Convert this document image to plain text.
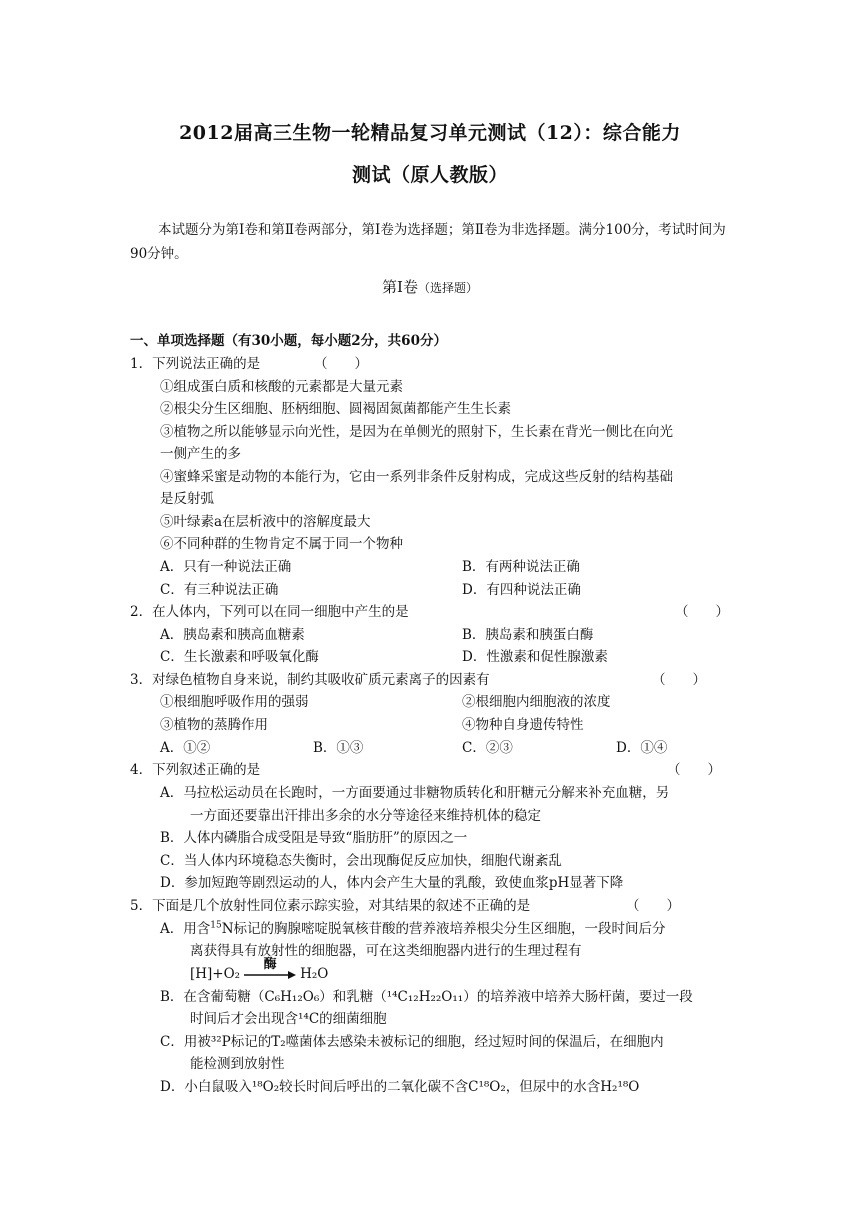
2012届高三生物一轮精品复习单元测试（12）：综合能力
测试（原人教版）
本试题分为第Ⅰ卷和第Ⅱ卷两部分，第Ⅰ卷为选择题；第Ⅱ卷为非选择题。满分100分，考试时间为90分钟。
第Ⅰ卷（选择题）
一、单项选择题（有30小题，每小题2分，共60分）
1．下列说法正确的是	（　　）
①组成蛋白质和核酸的元素都是大量元素
②根尖分生区细胞、胚柄细胞、圆褐固氮菌都能产生生长素
③植物之所以能够显示向光性，是因为在单侧光的照射下，生长素在背光一侧比在向光
一侧产生的多
④蜜蜂采蜜是动物的本能行为，它由一系列非条件反射构成，完成这些反射的结构基础
是反射弧
⑤叶绿素a在层析液中的溶解度最大
⑥不同种群的生物肯定不属于同一个物种
A．只有一种说法正确	B．有两种说法正确
C．有三种说法正确	D．有四种说法正确
2．在人体内，下列可以在同一细胞中产生的是	（　　）
A．胰岛素和胰高血糖素	B．胰岛素和胰蛋白酶
C．生长激素和呼吸氧化酶	D．性激素和促性腺激素
3．对绿色植物自身来说，制约其吸收矿质元素离子的因素有	（　　）
①根细胞呼吸作用的强弱	②根细胞内细胞液的浓度
③植物的蒸腾作用	④物种自身遗传特性
A．①②	B．①③	C．②③	D．①④
4．下列叙述正确的是	（　　）
A．马拉松运动员在长跑时，一方面要通过非糖物质转化和肝糖元分解来补充血糖，另
一方面还要靠出汗排出多余的水分等途径来维持机体的稳定
B．人体内磷脂合成受阻是导致“脂肪肝”的原因之一
C．当人体内环境稳态失衡时，会出现酶促反应加快，细胞代谢紊乱
D．参加短跑等剧烈运动的人，体内会产生大量的乳酸，致使血浆pH显著下降
5．下面是几个放射性同位素示踪实验，对其结果的叙述不正确的是	（　　）
A．用含$^{15}$N标记的胸腺嘧啶脱氧核苷酸的营养液培养根尖分生区细胞，一段时间后分
离获得具有放射性的细胞器，可在这类细胞器内进行的生理过程有
[H]+O₂
酶
H₂O
B．在含葡萄糖（C₆H₁₂O₆）和乳糖（¹⁴C₁₂H₂₂O₁₁）的培养液中培养大肠杆菌，要过一段
时间后才会出现含¹⁴C的细菌细胞
C．用被³²P标记的T₂噬菌体去感染未被标记的细胞，经过短时间的保温后，在细胞内
能检测到放射性
D．小白鼠吸入¹⁸O₂较长时间后呼出的二氧化碳不含C¹⁸O₂，但尿中的水含H₂¹⁸O
